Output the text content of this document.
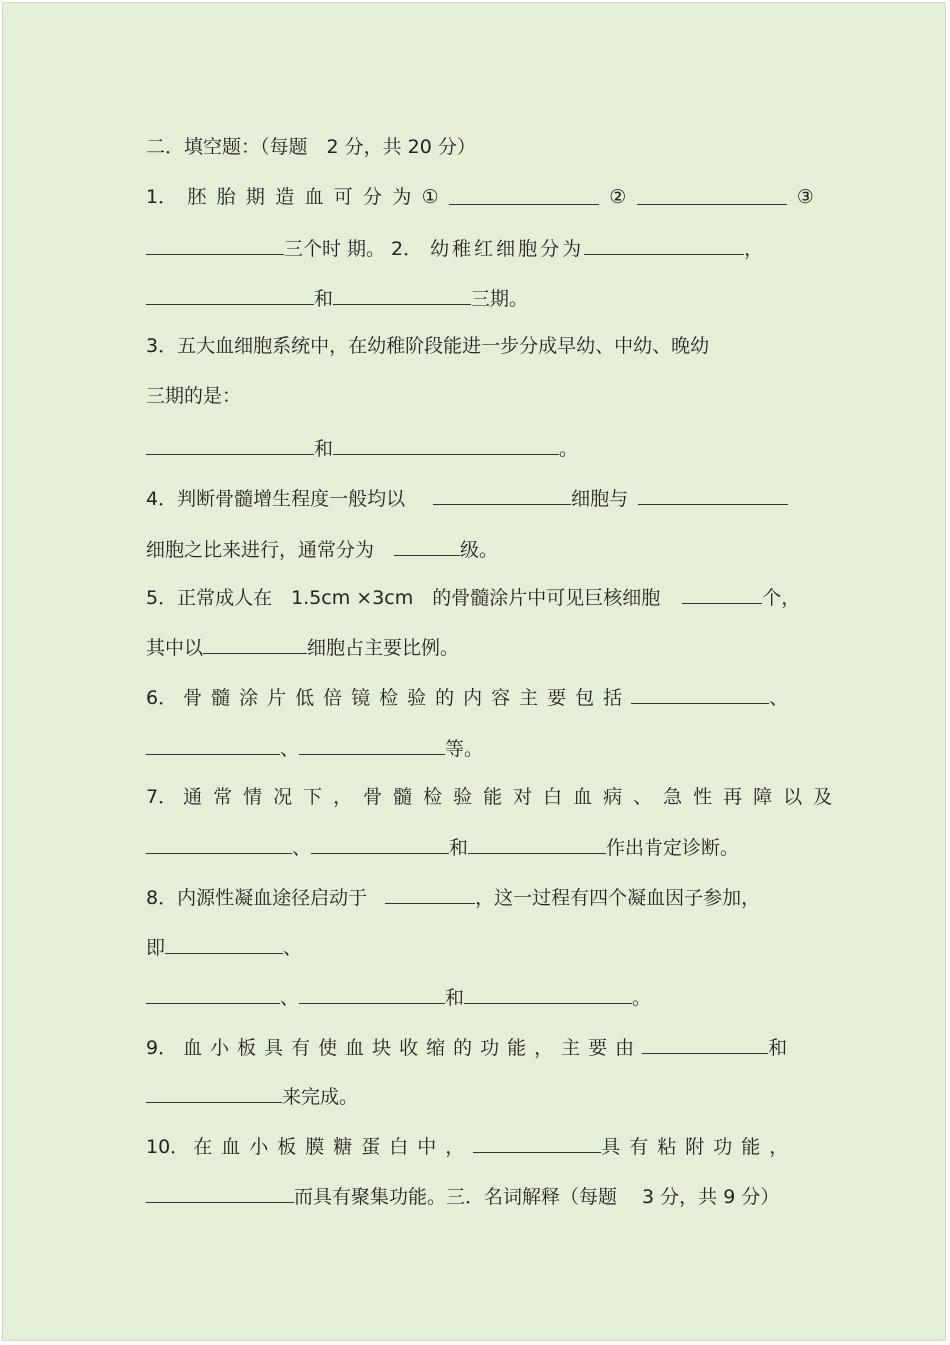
二．填空题：（每题　2 分，共 20 分）
1． 胚 胎 期 造 血 可 分 为 ①	②	③
三个时 期。 2． 幼稚红细胞分为	，
和	三期。
3．五大血细胞系统中，在幼稚阶段能进一步分成早幼、中幼、晚幼
三期的是：
和	。
4．判断骨髓增生程度一般均以	细胞与
细胞之比来进行，通常分为	级。
5．正常成人在　1.5cm ×3cm　的骨髓涂片中可见巨核细胞	个，
其中以	细胞占主要比例。
6． 骨髓涂片低倍镜检验的内容主要包括	、
、	等。
7． 通常情况下，骨髓检验能对白血病、急性再障以及
、	和	作出肯定诊断。
8．内源性凝血途径启动于	，这一过程有四个凝血因子参加，
即	、
、	和	。
9． 血小板具有使血块收缩的功能，主要由	和
来完成。
10． 在血小板膜糖蛋白中，	具有粘附功能，
而具有聚集功能。三．名词解释（每题　 3 分，共 9 分）
